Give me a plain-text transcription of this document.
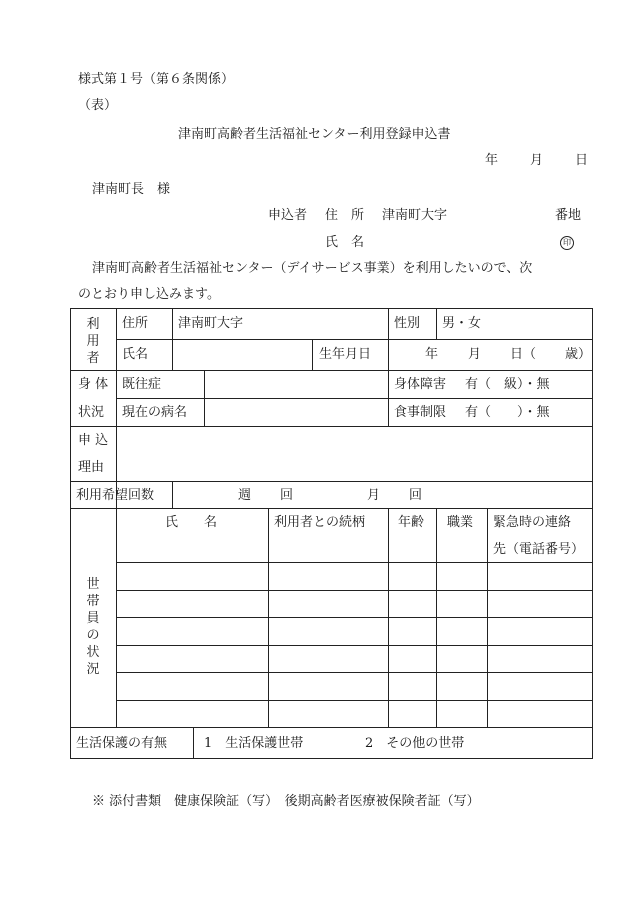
様式第１号（第６条関係）
（表）
津南町高齢者生活福祉センター利用登録申込書
年 月 日
津南町長　様
申込者 住　所 津南町大字	番地
氏　名	印
津南町高齢者生活福祉センター（デイサービス事業）を利用したいので、次
のとおり申し込みます。
利
用
者
住所 津南町大字	性別 男・女
氏名	生年月日	年 月 日（ 歳）
身 体
状況
既往症	身体障害 有（　級）・無
現在の病名	食事制限 有（　　）・無
申 込
理由
利用希望回数	週 回	月 回
世
帯
員
の
状
況
氏　　名	利用者との続柄	年齢 職業 緊急時の連絡
先（電話番号）
生活保護の有無	1　生活保護世帯	2　その他の世帯
※ 添付書類　健康保険証（写）　後期高齢者医療被保険者証（写）
